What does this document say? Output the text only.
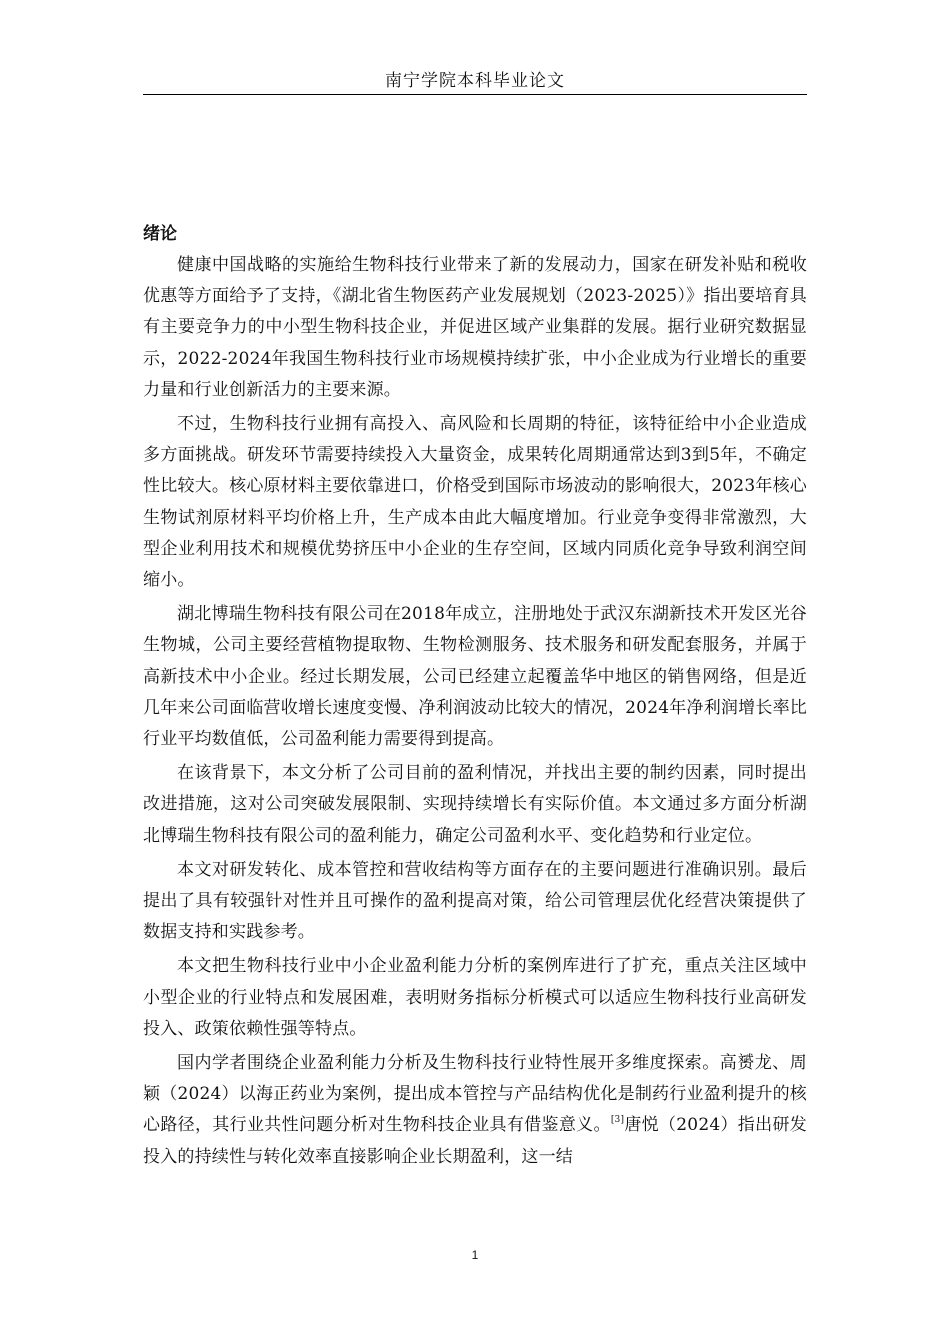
南宁学院本科毕业论文
绪论

健康中国战略的实施给生物科技行业带来了新的发展动力，国家在研发补贴和税收优惠等方面给予了支持，《湖北省生物医药产业发展规划（2023-2025）》指出要培育具有主要竞争力的中小型生物科技企业，并促进区域产业集群的发展。据行业研究数据显示，2022-2024年我国生物科技行业市场规模持续扩张，中小企业成为行业增长的重要力量和行业创新活力的主要来源。

不过，生物科技行业拥有高投入、高风险和长周期的特征，该特征给中小企业造成多方面挑战。研发环节需要持续投入大量资金，成果转化周期通常达到3到5年，不确定性比较大。核心原材料主要依靠进口，价格受到国际市场波动的影响很大，2023年核心生物试剂原材料平均价格上升，生产成本由此大幅度增加。行业竞争变得非常激烈，大型企业利用技术和规模优势挤压中小企业的生存空间，区域内同质化竞争导致利润空间缩小。

湖北博瑞生物科技有限公司在2018年成立，注册地处于武汉东湖新技术开发区光谷生物城，公司主要经营植物提取物、生物检测服务、技术服务和研发配套服务，并属于高新技术中小企业。经过长期发展，公司已经建立起覆盖华中地区的销售网络，但是近几年来公司面临营收增长速度变慢、净利润波动比较大的情况，2024年净利润增长率比行业平均数值低，公司盈利能力需要得到提高。

在该背景下，本文分析了公司目前的盈利情况，并找出主要的制约因素，同时提出改进措施，这对公司突破发展限制、实现持续增长有实际价值。本文通过多方面分析湖北博瑞生物科技有限公司的盈利能力，确定公司盈利水平、变化趋势和行业定位。

本文对研发转化、成本管控和营收结构等方面存在的主要问题进行准确识别。最后提出了具有较强针对性并且可操作的盈利提高对策，给公司管理层优化经营决策提供了数据支持和实践参考。

本文把生物科技行业中小企业盈利能力分析的案例库进行了扩充，重点关注区域中小型企业的行业特点和发展困难，表明财务指标分析模式可以适应生物科技行业高研发投入、政策依赖性强等特点。

国内学者围绕企业盈利能力分析及生物科技行业特性展开多维度探索。高赟龙、周颖（2024）以海正药业为案例，提出成本管控与产品结构优化是制药行业盈利提升的核心路径，其行业共性问题分析对生物科技企业具有借鉴意义。[3]唐悦（2024）指出研发投入的持续性与转化效率直接影响企业长期盈利，这一结

1
